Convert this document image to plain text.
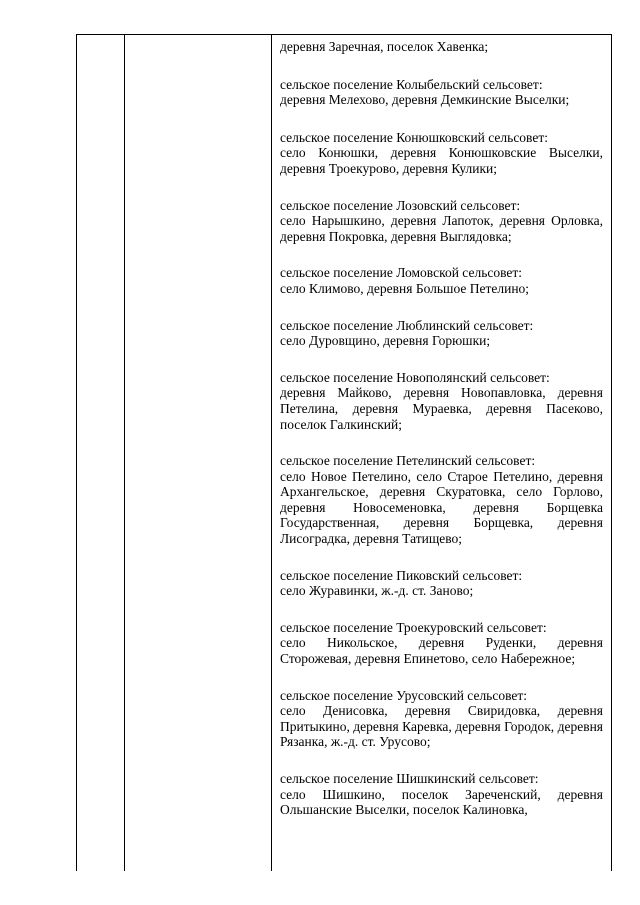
деревня Заречная, поселок Хавенка;
сельское поселение Колыбельский сельсовет:
деревня Мелехово, деревня Демкинские Выселки;
сельское поселение Конюшковский сельсовет:
село Конюшки, деревня Конюшковские Выселки, деревня Троекурово, деревня Кулики;
сельское поселение Лозовский сельсовет:
село Нарышкино, деревня Лапоток, деревня Орловка, деревня Покровка, деревня Выглядовка;
сельское поселение Ломовской сельсовет:
село Климово, деревня Большое Петелино;
сельское поселение Люблинский сельсовет:
село Дуровщино, деревня Горюшки;
сельское поселение Новополянский сельсовет:
деревня Майково, деревня Новопавловка, деревня Петелина, деревня Мураевка, деревня Пасеково, поселок Галкинский;
сельское поселение Петелинский сельсовет:
село Новое Петелино, село Старое Петелино, деревня Архангельское, деревня Скуратовка, село Горлово, деревня Новосеменовка, деревня Борщевка Государственная, деревня Борщевка, деревня Лисоградка, деревня Татищево;
сельское поселение Пиковский сельсовет:
село Журавинки, ж.-д. ст. Заново;
сельское поселение Троекуровский сельсовет:
село Никольское, деревня Руденки, деревня Сторожевая, деревня Епинетово, село Набережное;
сельское поселение Урусовский сельсовет:
село Денисовка, деревня Свиридовка, деревня Притыкино, деревня Каревка, деревня Городок, деревня Рязанка, ж.-д. ст. Урусово;
сельское поселение Шишкинский сельсовет:
село Шишкино, поселок Зареченский, деревня Ольшанские Выселки, поселок Калиновка,
